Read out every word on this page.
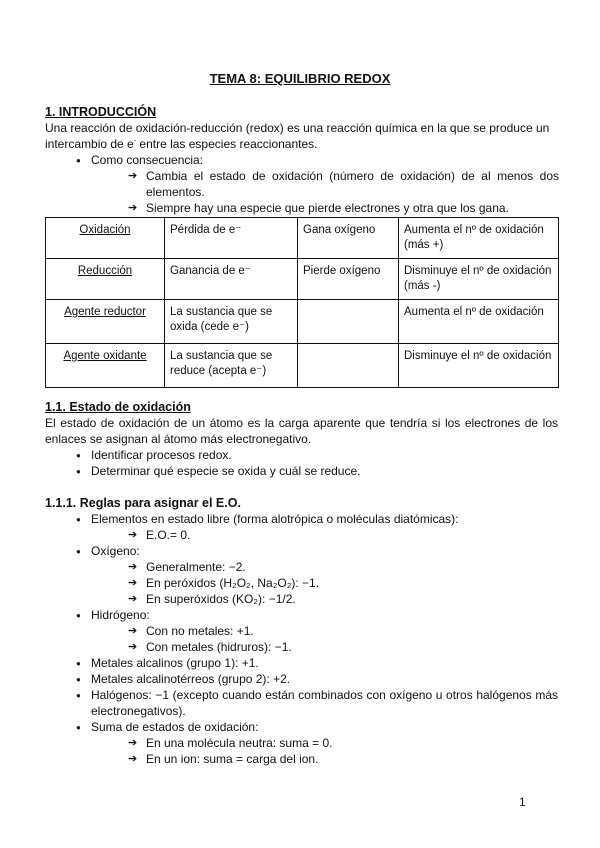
TEMA 8: EQUILIBRIO REDOX
1. INTRODUCCIÓN
Una reacción de oxidación-reducción (redox) es una reacción química en la que se produce un
intercambio de e- entre las especies reaccionantes.
● Como consecuencia:
➔ Cambia el estado de oxidación (número de oxidación) de al menos dos elementos.
➔ Siempre hay una especie que pierde electrones y otra que los gana.
Oxidación	Pérdida de e⁻	Gana oxígeno	Aumenta el nº de oxidación (más +)
Reducción	Ganancia de e⁻	Pierde oxígeno	Disminuye el nº de oxidación (más -)
Agente reductor	La sustancia que se oxida (cede e⁻)		Aumenta el nº de oxidación
Agente oxidante	La sustancia que se reduce (acepta e⁻)		Disminuye el nº de oxidación
1.1. Estado de oxidación
El estado de oxidación de un átomo es la carga aparente que tendría si los electrones de los enlaces se asignan al átomo más electronegativo.
● Identificar procesos redox.
● Determinar qué especie se oxida y cuál se reduce.
1.1.1. Reglas para asignar el E.O.
● Elementos en estado libre (forma alotrópica o moléculas diatómicas):
➔ E.O.= 0.
● Oxígeno:
➔ Generalmente: −2.
➔ En peróxidos (H₂O₂, Na₂O₂): −1.
➔ En superóxidos (KO₂): −1/2.
● Hidrógeno:
➔ Con no metales: +1.
➔ Con metales (hidruros): −1.
● Metales alcalinos (grupo 1): +1.
● Metales alcalinotérreos (grupo 2): +2.
● Halógenos: −1 (excepto cuando están combinados con oxígeno u otros halógenos más electronegativos).
● Suma de estados de oxidación:
➔ En una molécula neutra: suma = 0.
➔ En un ion: suma = carga del ion.
1
